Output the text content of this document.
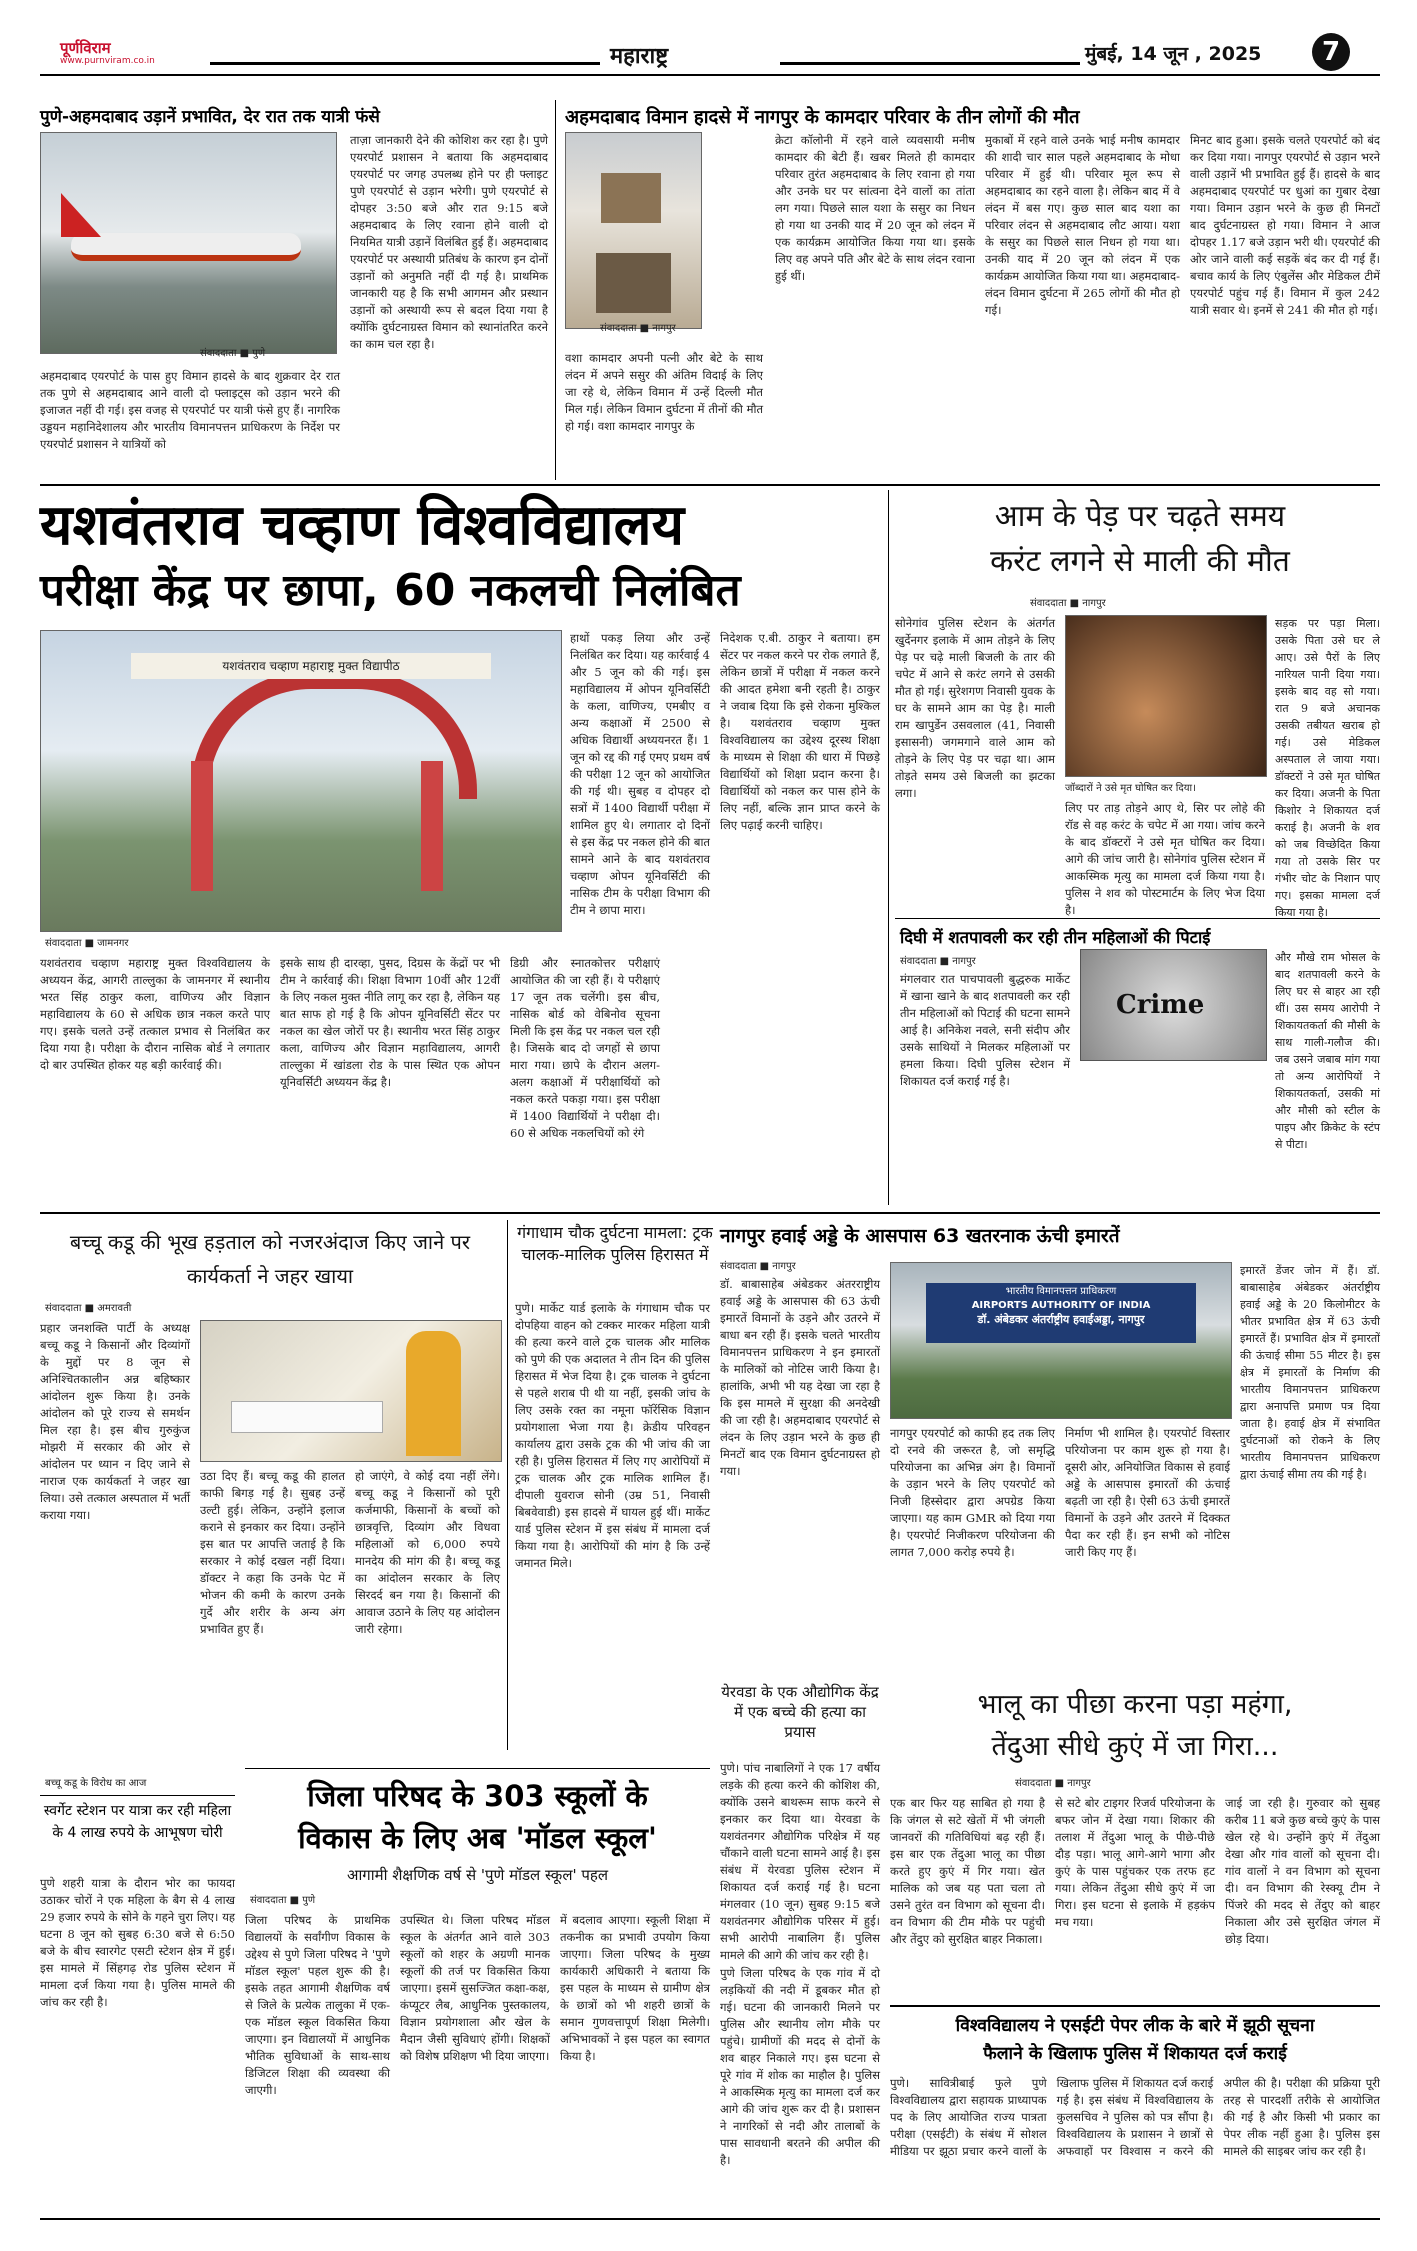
पूर्णविराम
www.purnviram.co.in	महाराष्ट्र	मुंबई, 14 जून , 2025	7
पुणे-अहमदाबाद उड़ानें प्रभावित, देर रात तक यात्री फंसे
संवाददाता ■ पुणे
अहमदाबाद एयरपोर्ट के पास हुए विमान हादसे के बाद शुक्रवार देर रात तक पुणे से अहमदाबाद आने वाली दो फ्लाइट्स को उड़ान भरने की इजाजत नहीं दी गई। इस वजह से एयरपोर्ट पर यात्री फंसे हुए हैं। नागरिक उड्डयन महानिदेशालय और भारतीय विमानपत्तन प्राधिकरण के निर्देश पर एयरपोर्ट प्रशासन ने यात्रियों को
ताज़ा जानकारी देने की कोशिश कर रहा है। पुणे एयरपोर्ट प्रशासन ने बताया कि अहमदाबाद एयरपोर्ट पर जगह उपलब्ध होने पर ही फ्लाइट पुणे एयरपोर्ट से उड़ान भरेगी। पुणे एयरपोर्ट से दोपहर 3:50 बजे और रात 9:15 बजे अहमदाबाद के लिए रवाना होने वाली दो नियमित यात्री उड़ानें विलंबित हुई हैं। अहमदाबाद एयरपोर्ट पर अस्थायी प्रतिबंध के कारण इन दोनों उड़ानों को अनुमति नहीं दी गई है। प्राथमिक जानकारी यह है कि सभी आगमन और प्रस्थान उड़ानों को अस्थायी रूप से बदल दिया गया है क्योंकि दुर्घटनाग्रस्त विमान को स्थानांतरित करने का काम चल रहा है।
अहमदाबाद विमान हादसे में नागपुर के कामदार परिवार के तीन लोगों की मौत
संवाददाता ■ नागपुर
वशा कामदार अपनी पत्नी और बेटे के साथ लंदन में अपने ससुर की अंतिम विदाई के लिए जा रहे थे, लेकिन विमान में उन्हें दिल्ली मौत मिल गई। लेकिन विमान दुर्घटना में तीनों की मौत हो गई। वशा कामदार नागपुर के
क्रेटा कॉलोनी में रहने वाले व्यवसायी मनीष कामदार की बेटी हैं। खबर मिलते ही कामदार परिवार तुरंत अहमदाबाद के लिए रवाना हो गया और उनके घर पर सांत्वना देने वालों का तांता लग गया। पिछले साल यशा के ससुर का निधन हो गया था उनकी याद में 20 जून को लंदन में एक कार्यक्रम आयोजित किया गया था। इसके लिए वह अपने पति और बेटे के साथ लंदन रवाना हुई थीं।
मुकाबों में रहने वाले उनके भाई मनीष कामदार की शादी चार साल पहले अहमदाबाद के मोधा परिवार में हुई थी। परिवार मूल रूप से अहमदाबाद का रहने वाला है। लेकिन बाद में वे लंदन में बस गए। कुछ साल बाद यशा का परिवार लंदन से अहमदाबाद लौट आया। यशा के ससुर का पिछले साल निधन हो गया था। उनकी याद में 20 जून को लंदन में एक कार्यक्रम आयोजित किया गया था। अहमदाबाद-लंदन विमान दुर्घटना में 265 लोगों की मौत हो गई।
मिनट बाद हुआ। इसके चलते एयरपोर्ट को बंद कर दिया गया। नागपुर एयरपोर्ट से उड़ान भरने वाली उड़ानें भी प्रभावित हुई हैं। हादसे के बाद अहमदाबाद एयरपोर्ट पर धुआं का गुबार देखा गया। विमान उड़ान भरने के कुछ ही मिनटों बाद दुर्घटनाग्रस्त हो गया। विमान ने आज दोपहर 1.17 बजे उड़ान भरी थी। एयरपोर्ट की ओर जाने वाली कई सड़कें बंद कर दी गई हैं। बचाव कार्य के लिए एंबुलेंस और मेडिकल टीमें एयरपोर्ट पहुंच गई हैं। विमान में कुल 242 यात्री सवार थे। इनमें से 241 की मौत हो गई।
यशवंतराव चव्हाण विश्वविद्यालय
परीक्षा केंद्र पर छापा, 60 नकलची निलंबित
यशवंतराव चव्हाण महाराष्ट्र मुक्त विद्यापीठ
संवाददाता ■ जामनगर
यशवंतराव चव्हाण महाराष्ट्र मुक्त विश्वविद्यालय के अध्ययन केंद्र, आगरी ताल्लुका के जामनगर में स्थानीय भरत सिंह ठाकुर कला, वाणिज्य और विज्ञान महाविद्यालय के 60 से अधिक छात्र नकल करते पाए गए। इसके चलते उन्हें तत्काल प्रभाव से निलंबित कर दिया गया है। परीक्षा के दौरान नासिक बोर्ड ने लगातार दो बार उपस्थित होकर यह बड़ी कार्रवाई की।
इसके साथ ही दारव्हा, पुसद, दिग्रस के केंद्रों पर भी टीम ने कार्रवाई की। शिक्षा विभाग 10वीं और 12वीं के लिए नकल मुक्त नीति लागू कर रहा है, लेकिन यह बात साफ हो गई है कि ओपन यूनिवर्सिटी सेंटर पर नकल का खेल जोरों पर है। स्थानीय भरत सिंह ठाकुर कला, वाणिज्य और विज्ञान महाविद्यालय, आगरी ताल्लुका में खांडला रोड के पास स्थित एक ओपन यूनिवर्सिटी अध्ययन केंद्र है।
डिग्री और स्नातकोत्तर परीक्षाएं आयोजित की जा रही हैं। ये परीक्षाएं 17 जून तक चलेंगी। इस बीच, नासिक बोर्ड को वेबिनोव सूचना मिली कि इस केंद्र पर नकल चल रही है। जिसके बाद दो जगहों से छापा मारा गया। छापे के दौरान अलग-अलग कक्षाओं में परीक्षार्थियों को नकल करते पकड़ा गया। इस परीक्षा में 1400 विद्यार्थियों ने परीक्षा दी। 60 से अधिक नकलचियों को रंगे
हाथों पकड़ लिया और उन्हें निलंबित कर दिया। यह कार्रवाई 4 और 5 जून को की गई। इस महाविद्यालय में ओपन यूनिवर्सिटी के कला, वाणिज्य, एमबीए व अन्य कक्षाओं में 2500 से अधिक विद्यार्थी अध्ययनरत हैं। 1 जून को रद्द की गई एमए प्रथम वर्ष की परीक्षा 12 जून को आयोजित की गई थी। सुबह व दोपहर दो सत्रों में 1400 विद्यार्थी परीक्षा में शामिल हुए थे। लगातार दो दिनों से इस केंद्र पर नकल होने की बात सामने आने के बाद यशवंतराव चव्हाण ओपन यूनिवर्सिटी की नासिक टीम के परीक्षा विभाग की टीम ने छापा मारा।
निदेशक ए.बी. ठाकुर ने बताया। हम सेंटर पर नकल करने पर रोक लगाते हैं, लेकिन छात्रों में परीक्षा में नकल करने की आदत हमेशा बनी रहती है। ठाकुर ने जवाब दिया कि इसे रोकना मुश्किल है। यशवंतराव चव्हाण मुक्त विश्वविद्यालय का उद्देश्य दूरस्थ शिक्षा के माध्यम से शिक्षा की धारा में पिछड़े विद्यार्थियों को शिक्षा प्रदान करना है। विद्यार्थियों को नकल कर पास होने के लिए नहीं, बल्कि ज्ञान प्राप्त करने के लिए पढ़ाई करनी चाहिए।
आम के पेड़ पर चढ़ते समय
करंट लगने से माली की मौत
संवाददाता ■ नागपुर
सोनेगांव पुलिस स्टेशन के अंतर्गत खुर्देनगर इलाके में आम तोड़ने के लिए पेड़ पर चढ़े माली बिजली के तार की चपेट में आने से करंट लगने से उसकी मौत हो गई। सुरेशगण निवासी युवक के घर के सामने आम का पेड़ है। माली राम खापुर्डेन उसवलाल (41, निवासी इसासनी) जगमगाने वाले आम को तोड़ने के लिए पेड़ पर चढ़ा था। आम तोड़ते समय उसे बिजली का झटका लगा।	जॉब्दारों ने उसे मृत घोषित कर दिया।
लिए पर ताड़ तोड़ने आए थे, सिर पर लोहे की रॉड से वह करंट के चपेट में आ गया। जांच करने के बाद डॉक्टरों ने उसे मृत घोषित कर दिया। आगे की जांच जारी है। सोनेगांव पुलिस स्टेशन में आकस्मिक मृत्यु का मामला दर्ज किया गया है। पुलिस ने शव को पोस्टमार्टम के लिए भेज दिया है।
सड़क पर पड़ा मिला। उसके पिता उसे घर ले आए। उसे पैरों के लिए नारियल पानी दिया गया। इसके बाद वह सो गया। रात 9 बजे अचानक उसकी तबीयत खराब हो गई। उसे मेडिकल अस्पताल ले जाया गया। डॉक्टरों ने उसे मृत घोषित कर दिया। अजनी के पिता किशोर ने शिकायत दर्ज कराई है। अजनी के शव को जब विच्छेदित किया गया तो उसके सिर पर गंभीर चोट के निशान पाए गए। इसका मामला दर्ज किया गया है।
दिघी में शतपावली कर रही तीन महिलाओं की पिटाई
संवाददाता ■ नागपुर
मंगलवार रात पाचपावली बुद्धरुक मार्केट में खाना खाने के बाद शतपावली कर रही तीन महिलाओं को पिटाई की घटना सामने आई है। अनिकेश नवले, सनी संदीप और उसके साथियों ने मिलकर महिलाओं पर हमला किया। दिघी पुलिस स्टेशन में शिकायत दर्ज कराई गई है।
Crime
और मौखे राम भोसल के बाद शतपावली करने के लिए घर से बाहर आ रही थीं। उस समय आरोपी ने शिकायतकर्ता की मौसी के साथ गाली-गलौज की। जब उसने जबाब मांग गया तो अन्य आरोपियों ने शिकायतकर्ता, उसकी मां और मौसी को स्टील के पाइप और क्रिकेट के स्टंप से पीटा।
बच्चू कडू की भूख हड़ताल को नजरअंदाज किए जाने पर कार्यकर्ता ने जहर खाया
संवाददाता ■ अमरावती
प्रहार जनशक्ति पार्टी के अध्यक्ष बच्चू कडू ने किसानों और दिव्यांगों के मुद्दों पर 8 जून से अनिश्चितकालीन अन्न बहिष्कार आंदोलन शुरू किया है। उनके आंदोलन को पूरे राज्य से समर्थन मिल रहा है। इस बीच गुरुकुंज मोझरी में सरकार की ओर से आंदोलन पर ध्यान न दिए जाने से नाराज एक कार्यकर्ता ने जहर खा लिया। उसे तत्काल अस्पताल में भर्ती कराया गया।
उठा दिए हैं। बच्चू कडू की हालत काफी बिगड़ गई है। सुबह उन्हें उल्टी हुई। लेकिन, उन्होंने इलाज कराने से इनकार कर दिया। उन्होंने इस बात पर आपत्ति जताई है कि सरकार ने कोई दखल नहीं दिया। डॉक्टर ने कहा कि उनके पेट में भोजन की कमी के कारण उनके गुर्दे और शरीर के अन्य अंग प्रभावित हुए हैं।
हो जाएंगे, वे कोई दया नहीं लेंगे। बच्चू कडू ने किसानों को पूरी कर्जमाफी, किसानों के बच्चों को छात्रवृत्ति, दिव्यांग और विधवा महिलाओं को 6,000 रुपये मानदेय की मांग की है। बच्चू कडू का आंदोलन सरकार के लिए सिरदर्द बन गया है। किसानों की आवाज उठाने के लिए यह आंदोलन जारी रहेगा।
बच्चू कडू के विरोध का आज
स्वर्गेट स्टेशन पर यात्रा कर रही महिला के 4 लाख रुपये के आभूषण चोरी
पुणे शहरी यात्रा के दौरान भोर का फायदा उठाकर चोरों ने एक महिला के बैग से 4 लाख 29 हजार रुपये के सोने के गहने चुरा लिए। यह घटना 8 जून को सुबह 6:30 बजे से 6:50 बजे के बीच स्वारगेट एसटी स्टेशन क्षेत्र में हुई। इस मामले में सिंहगढ़ रोड पुलिस स्टेशन में मामला दर्ज किया गया है। पुलिस मामले की जांच कर रही है।
गंगाधाम चौक दुर्घटना मामला: ट्रक चालक-मालिक पुलिस हिरासत में
पुणे। मार्केट यार्ड इलाके के गंगाधाम चौक पर दोपहिया वाहन को टक्कर मारकर महिला यात्री की हत्या करने वाले ट्रक चालक और मालिक को पुणे की एक अदालत ने तीन दिन की पुलिस हिरासत में भेज दिया है। ट्रक चालक ने दुर्घटना से पहले शराब पी थी या नहीं, इसकी जांच के लिए उसके रक्त का नमूना फॉरेंसिक विज्ञान प्रयोगशाला भेजा गया है। क्रेडीय परिवहन कार्यालय द्वारा उसके ट्रक की भी जांच की जा रही है। पुलिस हिरासत में लिए गए आरोपियों में ट्रक चालक और ट्रक मालिक शामिल हैं। दीपाली युवराज सोनी (उम्र 51, निवासी बिबवेवाडी) इस हादसे में घायल हुई थीं। मार्केट यार्ड पुलिस स्टेशन में इस संबंध में मामला दर्ज किया गया है। आरोपियों की मांग है कि उन्हें जमानत मिले।
येरवडा के एक औद्योगिक केंद्र में एक बच्चे की हत्या का प्रयास
पुणे। पांच नाबालिगों ने एक 17 वर्षीय लड़के की हत्या करने की कोशिश की, क्योंकि उसने बाथरूम साफ करने से इनकार कर दिया था। येरवडा के यशवंतनगर औद्योगिक परिक्षेत्र में यह चौंकाने वाली घटना सामने आई है। इस संबंध में येरवडा पुलिस स्टेशन में शिकायत दर्ज कराई गई है। घटना मंगलवार (10 जून) सुबह 9:15 बजे यशवंतनगर औद्योगिक परिसर में हुई। सभी आरोपी नाबालिग हैं। पुलिस मामले की आगे की जांच कर रही है।
नागपुर हवाई अड्डे के आसपास 63 खतरनाक ऊंची इमारतें
संवाददाता ■ नागपुर
डॉ. बाबासाहेब अंबेडकर अंतरराष्ट्रीय हवाई अड्डे के आसपास की 63 ऊंची इमारतें विमानों के उड़ने और उतरने में बाधा बन रही हैं। इसके चलते भारतीय विमानपत्तन प्राधिकरण ने इन इमारतों के मालिकों को नोटिस जारी किया है। हालांकि, अभी भी यह देखा जा रहा है कि इस मामले में सुरक्षा की अनदेखी की जा रही है। अहमदाबाद एयरपोर्ट से लंदन के लिए उड़ान भरने के कुछ ही मिनटों बाद एक विमान दुर्घटनाग्रस्त हो गया।
भारतीय विमानपत्तन प्राधिकरण
AIRPORTS AUTHORITY OF INDIA
डॉ. अंबेडकर अंतर्राष्ट्रीय हवाईअड्डा, नागपुर
नागपुर एयरपोर्ट को काफी हद तक लिए दो रनवे की जरूरत है, जो समृद्धि परियोजना का अभिन्न अंग है। विमानों के उड़ान भरने के लिए एयरपोर्ट को निजी हिस्सेदार द्वारा अपग्रेड किया जाएगा। यह काम GMR को दिया गया है। एयरपोर्ट निजीकरण परियोजना की लागत 7,000 करोड़ रुपये है।
निर्माण भी शामिल है। एयरपोर्ट विस्तार परियोजना पर काम शुरू हो गया है। दूसरी ओर, अनियोजित विकास से हवाई अड्डे के आसपास इमारतों की ऊंचाई बढ़ती जा रही है। ऐसी 63 ऊंची इमारतें विमानों के उड़ने और उतरने में दिक्कत पैदा कर रही हैं। इन सभी को नोटिस जारी किए गए हैं।
इमारतें डेंजर जोन में हैं। डॉ. बाबासाहेब अंबेडकर अंतर्राष्ट्रीय हवाई अड्डे के 20 किलोमीटर के भीतर प्रभावित क्षेत्र में 63 ऊंची इमारतें हैं। प्रभावित क्षेत्र में इमारतों की ऊंचाई सीमा 55 मीटर है। इस क्षेत्र में इमारतों के निर्माण की भारतीय विमानपत्तन प्राधिकरण द्वारा अनापत्ति प्रमाण पत्र दिया जाता है। हवाई क्षेत्र में संभावित दुर्घटनाओं को रोकने के लिए भारतीय विमानपत्तन प्राधिकरण द्वारा ऊंचाई सीमा तय की गई है।
भालू का पीछा करना पड़ा महंगा,
तेंदुआ सीधे कुएं में जा गिरा...
संवाददाता ■ नागपुर
एक बार फिर यह साबित हो गया है कि जंगल से सटे खेतों में भी जंगली जानवरों की गतिविधियां बढ़ रही हैं। इस बार एक तेंदुआ भालू का पीछा करते हुए कुएं में गिर गया। खेत मालिक को जब यह पता चला तो उसने तुरंत वन विभाग को सूचना दी। वन विभाग की टीम मौके पर पहुंची और तेंदुए को सुरक्षित बाहर निकाला।
से सटे बोर टाइगर रिजर्व परियोजना के बफर जोन में देखा गया। शिकार की तलाश में तेंदुआ भालू के पीछे-पीछे दौड़ पड़ा। भालू आगे-आगे भागा और कुएं के पास पहुंचकर एक तरफ हट गया। लेकिन तेंदुआ सीधे कुएं में जा गिरा। इस घटना से इलाके में हड़कंप मच गया।
जाई जा रही है। गुरुवार को सुबह करीब 11 बजे कुछ बच्चे कुएं के पास खेल रहे थे। उन्होंने कुएं में तेंदुआ देखा और गांव वालों को सूचना दी। गांव वालों ने वन विभाग को सूचना दी। वन विभाग की रेस्क्यू टीम ने पिंजरे की मदद से तेंदुए को बाहर निकाला और उसे सुरक्षित जंगल में छोड़ दिया।
जिला परिषद के 303 स्कूलों के
विकास के लिए अब 'मॉडल स्कूल'
आगामी शैक्षणिक वर्ष से 'पुणे मॉडल स्कूल' पहल
संवाददाता ■ पुणे
जिला परिषद के प्राथमिक विद्यालयों के सर्वांगीण विकास के उद्देश्य से पुणे जिला परिषद ने 'पुणे मॉडल स्कूल' पहल शुरू की है। इसके तहत आगामी शैक्षणिक वर्ष से जिले के प्रत्येक तालुका में एक-एक मॉडल स्कूल विकसित किया जाएगा। इन विद्यालयों में आधुनिक भौतिक सुविधाओं के साथ-साथ डिजिटल शिक्षा की व्यवस्था की जाएगी।
उपस्थित थे। जिला परिषद मॉडल स्कूल के अंतर्गत आने वाले 303 स्कूलों को शहर के अग्रणी मानक स्कूलों की तर्ज पर विकसित किया जाएगा। इसमें सुसज्जित कक्षा-कक्ष, कंप्यूटर लैब, आधुनिक पुस्तकालय, विज्ञान प्रयोगशाला और खेल के मैदान जैसी सुविधाएं होंगी। शिक्षकों को विशेष प्रशिक्षण भी दिया जाएगा।
में बदलाव आएगा। स्कूली शिक्षा में तकनीक का प्रभावी उपयोग किया जाएगा। जिला परिषद के मुख्य कार्यकारी अधिकारी ने बताया कि इस पहल के माध्यम से ग्रामीण क्षेत्र के छात्रों को भी शहरी छात्रों के समान गुणवत्तापूर्ण शिक्षा मिलेगी। अभिभावकों ने इस पहल का स्वागत किया है।
पुणे जिला परिषद के एक गांव में दो लड़कियों की नदी में डूबकर मौत हो गई। घटना की जानकारी मिलने पर पुलिस और स्थानीय लोग मौके पर पहुंचे। ग्रामीणों की मदद से दोनों के शव बाहर निकाले गए। इस घटना से पूरे गांव में शोक का माहौल है। पुलिस ने आकस्मिक मृत्यु का मामला दर्ज कर आगे की जांच शुरू कर दी है। प्रशासन ने नागरिकों से नदी और तालाबों के पास सावधानी बरतने की अपील की है।
विश्वविद्यालय ने एसईटी पेपर लीक के बारे में झूठी सूचना
फैलाने के खिलाफ पुलिस में शिकायत दर्ज कराई
पुणे। सावित्रीबाई फुले पुणे विश्वविद्यालय द्वारा सहायक प्राध्यापक पद के लिए आयोजित राज्य पात्रता परीक्षा (एसईटी) के संबंध में सोशल मीडिया पर झूठा प्रचार करने वालों के खिलाफ पुलिस में शिकायत दर्ज कराई गई है। इस संबंध में विश्वविद्यालय के कुलसचिव ने पुलिस को पत्र सौंपा है। विश्वविद्यालय के प्रशासन ने छात्रों से अफवाहों पर विश्वास न करने की अपील की है। परीक्षा की प्रक्रिया पूरी तरह से पारदर्शी तरीके से आयोजित की गई है और किसी भी प्रकार का पेपर लीक नहीं हुआ है। पुलिस इस मामले की साइबर जांच कर रही है।
